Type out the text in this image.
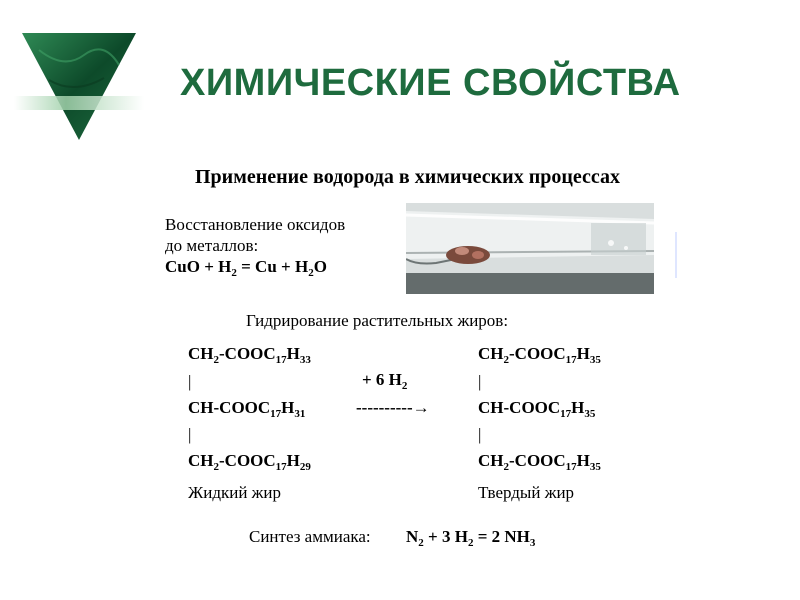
ХИМИЧЕСКИЕ СВОЙСТВА
Применение водорода в химических процессах
Восстановление оксидов
до металлов:
CuO + $H_2 = Cu + H_2O$
Гидрирование растительных жиров:
$CH_2-COOC_{17}H_{33}$
|
$CH-COOC_{17}H_{31}$
|
$CH_2-COOC_{17}H_{29}$
Жидкий жир
+ 6 $H_2$
----------→
$CH_2-COOC_{17}H_{35}$
|
$CH-COOC_{17}H_{35}$
|
$CH_2-COOC_{17}H_{35}$
Твердый жир
Синтез аммиака: $N_2 + 3$ $H_2 = 2$ $NH_3$
